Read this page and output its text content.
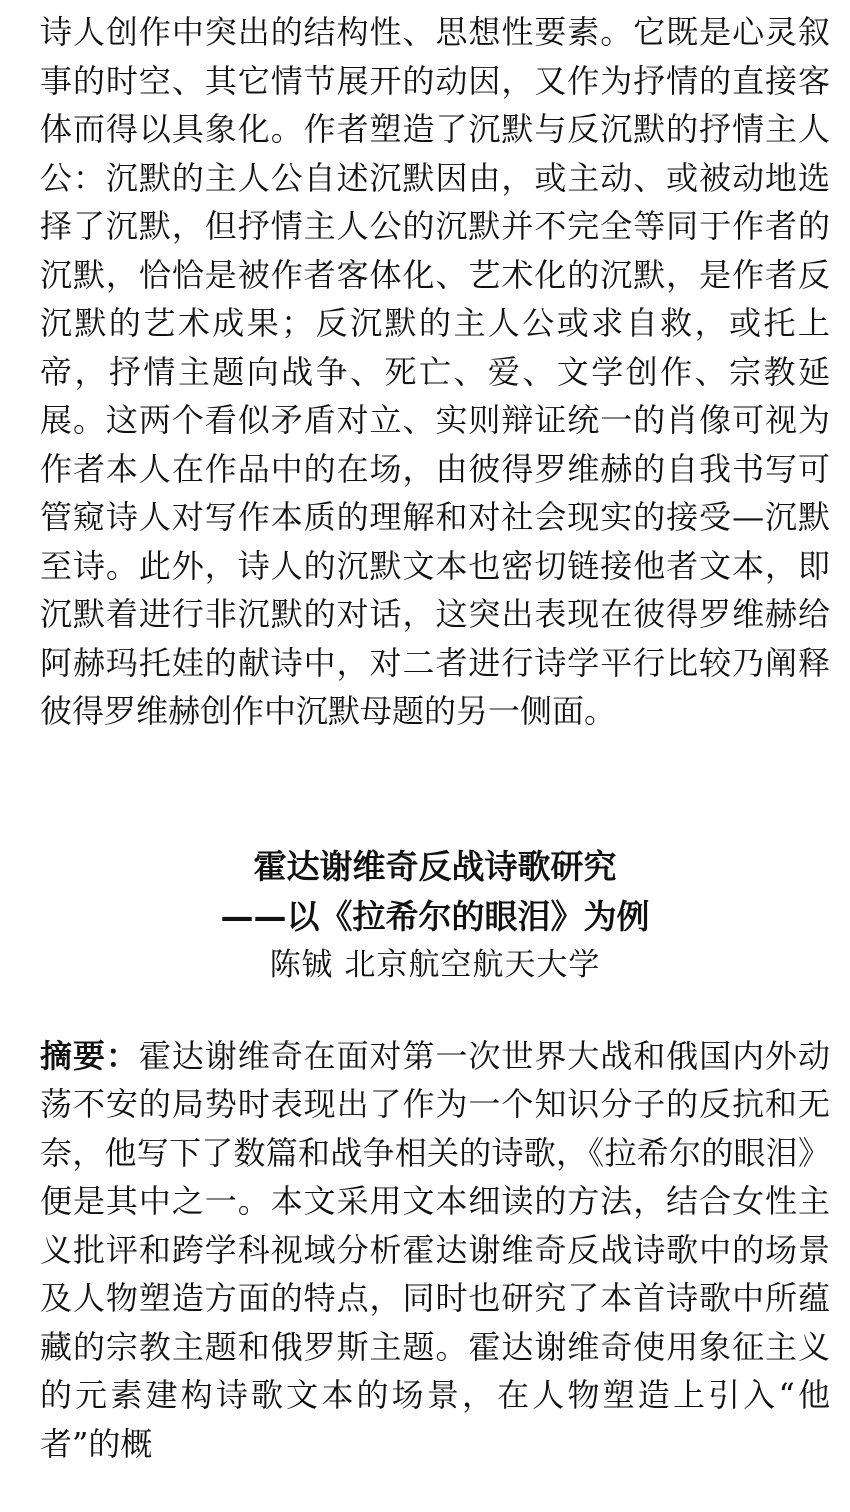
诗人创作中突出的结构性、思想性要素。它既是心灵叙事的时空、其它情节展开的动因，又作为抒情的直接客体而得以具象化。作者塑造了沉默与反沉默的抒情主人公：沉默的主人公自述沉默因由，或主动、或被动地选择了沉默，但抒情主人公的沉默并不完全等同于作者的沉默，恰恰是被作者客体化、艺术化的沉默，是作者反沉默的艺术成果；反沉默的主人公或求自救，或托上帝，抒情主题向战争、死亡、爱、文学创作、宗教延展。这两个看似矛盾对立、实则辩证统一的肖像可视为作者本人在作品中的在场，由彼得罗维赫的自我书写可管窥诗人对写作本质的理解和对社会现实的接受—沉默至诗。此外，诗人的沉默文本也密切链接他者文本，即沉默着进行非沉默的对话，这突出表现在彼得罗维赫给阿赫玛托娃的献诗中，对二者进行诗学平行比较乃阐释彼得罗维赫创作中沉默母题的另一侧面。

霍达谢维奇反战诗歌研究
——以《拉希尔的眼泪》为例

陈铖 北京航空航天大学

摘要：霍达谢维奇在面对第一次世界大战和俄国内外动荡不安的局势时表现出了作为一个知识分子的反抗和无奈，他写下了数篇和战争相关的诗歌，《拉希尔的眼泪》便是其中之一。本文采用文本细读的方法，结合女性主义批评和跨学科视域分析霍达谢维奇反战诗歌中的场景及人物塑造方面的特点，同时也研究了本首诗歌中所蕴藏的宗教主题和俄罗斯主题。霍达谢维奇使用象征主义的元素建构诗歌文本的场景，在人物塑造上引入“他者”的概
